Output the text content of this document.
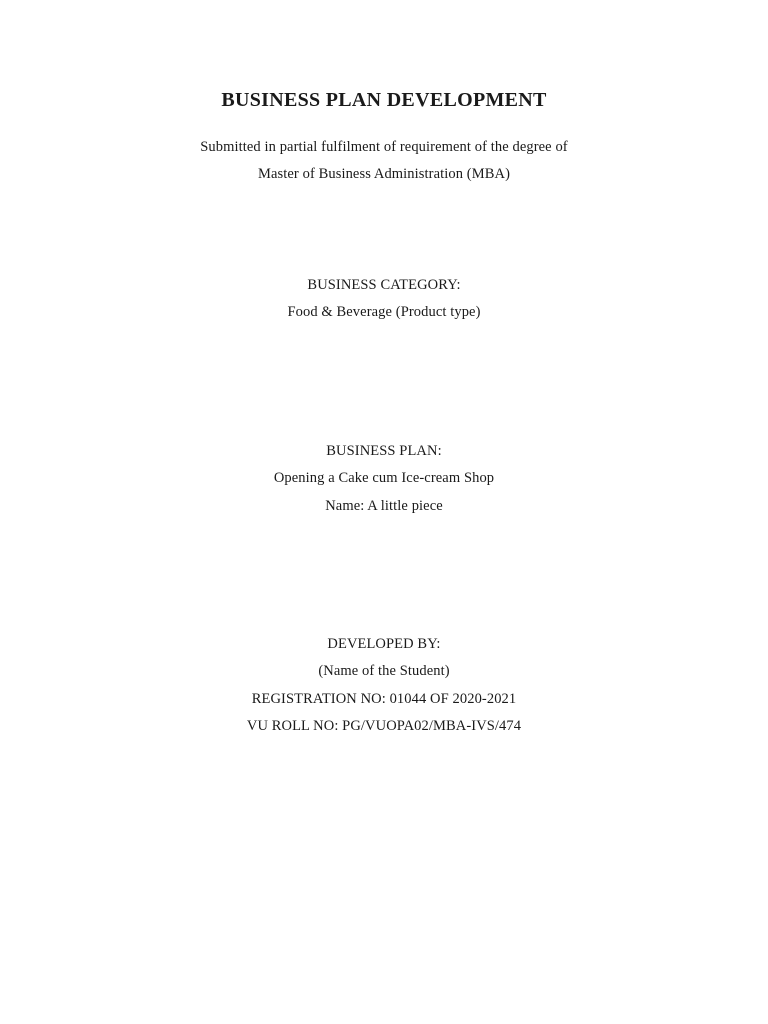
BUSINESS PLAN DEVELOPMENT
Submitted in partial fulfilment of requirement of the degree of
Master of Business Administration (MBA)
BUSINESS CATEGORY:
Food & Beverage (Product type)
BUSINESS PLAN:
Opening a Cake cum Ice-cream Shop
Name: A little piece
DEVELOPED BY:
(Name of the Student)
REGISTRATION NO: 01044 OF 2020-2021
VU ROLL NO: PG/VUOPA02/MBA-IVS/474
